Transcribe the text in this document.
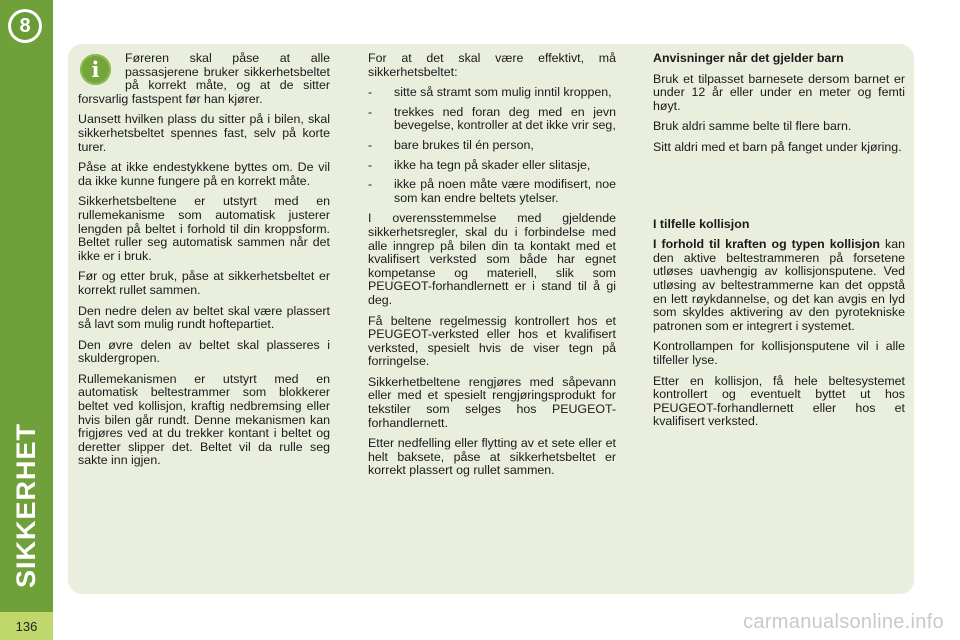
8
SIKKERHET
136
i	Føreren skal påse at alle passasjerene bruker sikkerhetsbeltet på korrekt måte, og at de sitter forsvarlig fastspent før han kjører.

Uansett hvilken plass du sitter på i bilen, skal sikkerhetsbeltet spennes fast, selv på korte turer.

Påse at ikke endestykkene byttes om. De vil da ikke kunne fungere på en korrekt måte.

Sikkerhetsbeltene er utstyrt med en rullemekanisme som automatisk justerer lengden på beltet i forhold til din kroppsform. Beltet ruller seg automatisk sammen når det ikke er i bruk.

Før og etter bruk, påse at sikkerhetsbeltet er korrekt rullet sammen.

Den nedre delen av beltet skal være plassert så lavt som mulig rundt hoftepartiet.

Den øvre delen av beltet skal plasseres i skuldergropen.

Rullemekanismen er utstyrt med en automatisk beltestrammer som blokkerer beltet ved kollisjon, kraftig nedbremsing eller hvis bilen går rundt. Denne mekanismen kan frigjøres ved at du trekker kontant i beltet og deretter slipper det. Beltet vil da rulle seg sakte inn igjen.

For at det skal være effektivt, må sikkerhetsbeltet:

-	sitte så stramt som mulig inntil kroppen,
-	trekkes ned foran deg med en jevn bevegelse, kontroller at det ikke vrir seg,
-	bare brukes til én person,
-	ikke ha tegn på skader eller slitasje,
-	ikke på noen måte være modifisert, noe som kan endre beltets ytelser.

I overensstemmelse med gjeldende sikkerhetsregler, skal du i forbindelse med alle inngrep på bilen din ta kontakt med et kvalifisert verksted som både har egnet kompetanse og materiell, slik som PEUGEOT-forhandlernett er i stand til å gi deg.

Få beltene regelmessig kontrollert hos et PEUGEOT-verksted eller hos et kvalifisert verksted, spesielt hvis de viser tegn på forringelse.

Sikkerhetbeltene rengjøres med såpevann eller med et spesielt rengjøringsprodukt for tekstiler som selges hos PEUGEOT-forhandlernett.

Etter nedfelling eller flytting av et sete eller et helt baksete, påse at sikkerhetsbeltet er korrekt plassert og rullet sammen.

Anvisninger når det gjelder barn

Bruk et tilpasset barnesete dersom barnet er under 12 år eller under en meter og femti høyt.

Bruk aldri samme belte til flere barn.

Sitt aldri med et barn på fanget under kjøring.

I tilfelle kollisjon

I forhold til kraften og typen kollisjon kan den aktive beltestrammeren på forsetene utløses uavhengig av kollisjonsputene. Ved utløsing av beltestrammerne kan det oppstå en lett røykdannelse, og det kan avgis en lyd som skyldes aktivering av den pyrotekniske patronen som er integrert i systemet.

Kontrollampen for kollisjonsputene vil i alle tilfeller lyse.

Etter en kollisjon, få hele beltesystemet kontrollert og eventuelt byttet ut hos PEUGEOT-forhandlernett eller hos et kvalifisert verksted.

carmanualsonline.info
